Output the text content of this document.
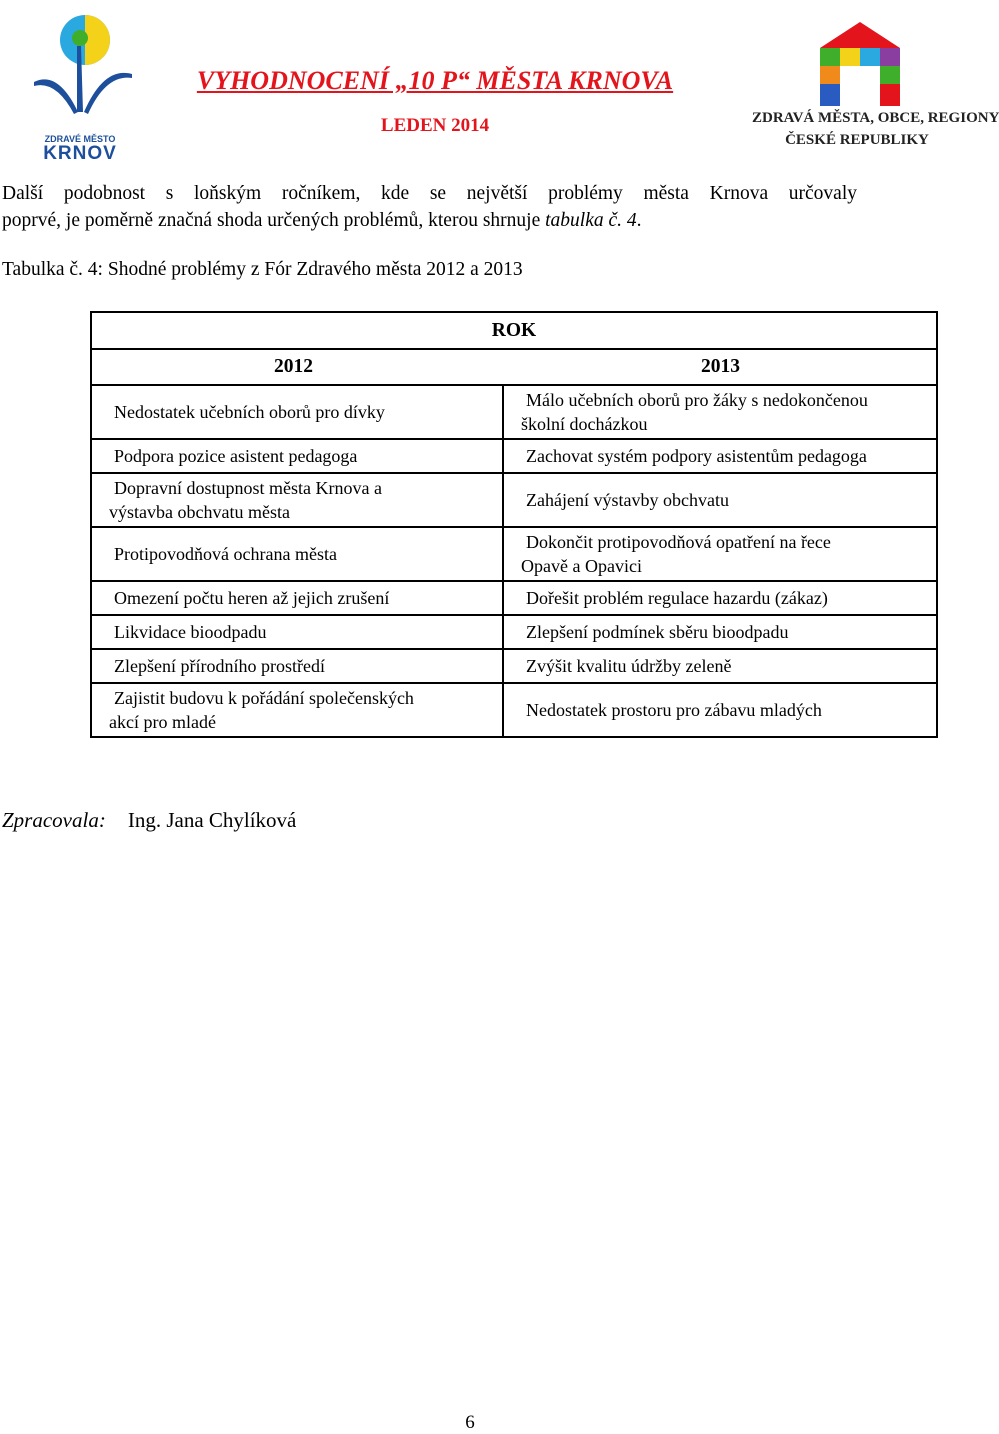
ZDRAVÉ MĚSTO
KRNOV
VYHODNOCENÍ „10 P“ MĚSTA KRNOVA
LEDEN 2014	ZDRAVÁ MĚSTA, OBCE, REGIONY
ČESKÉ REPUBLIKY
Další podobnost s loňským ročníkem, kde se největší problémy města Krnova určovaly
poprvé, je poměrně značná shoda určených problémů, kterou shrnuje tabulka č. 4.
Tabulka č. 4: Shodné problémy z Fór Zdravého města 2012 a 2013
ROK	

2012 2013	

Nedostatek učebních oborů pro dívky	Málo učebních oborů pro žáky s nedokončenou
školní docházkou

Podpora pozice asistent pedagoga	Zachovat systém podpory asistentům pedagoga

Dopravní dostupnost města Krnova a
výstavba obchvatu města	Zahájení výstavby obchvatu

Protipovodňová ochrana města	Dokončit protipovodňová opatření na řece
Opavě a Opavici

Omezení počtu heren až jejich zrušení	Dořešit problém regulace hazardu (zákaz)

Likvidace bioodpadu	Zlepšení podmínek sběru bioodpadu

Zlepšení přírodního prostředí	Zvýšit kvalitu údržby zeleně

Zajistit budovu k pořádání společenských
akcí pro mladé	Nedostatek prostoru pro zábavu mladých
Zpracovala: Ing. Jana Chylíková
6
